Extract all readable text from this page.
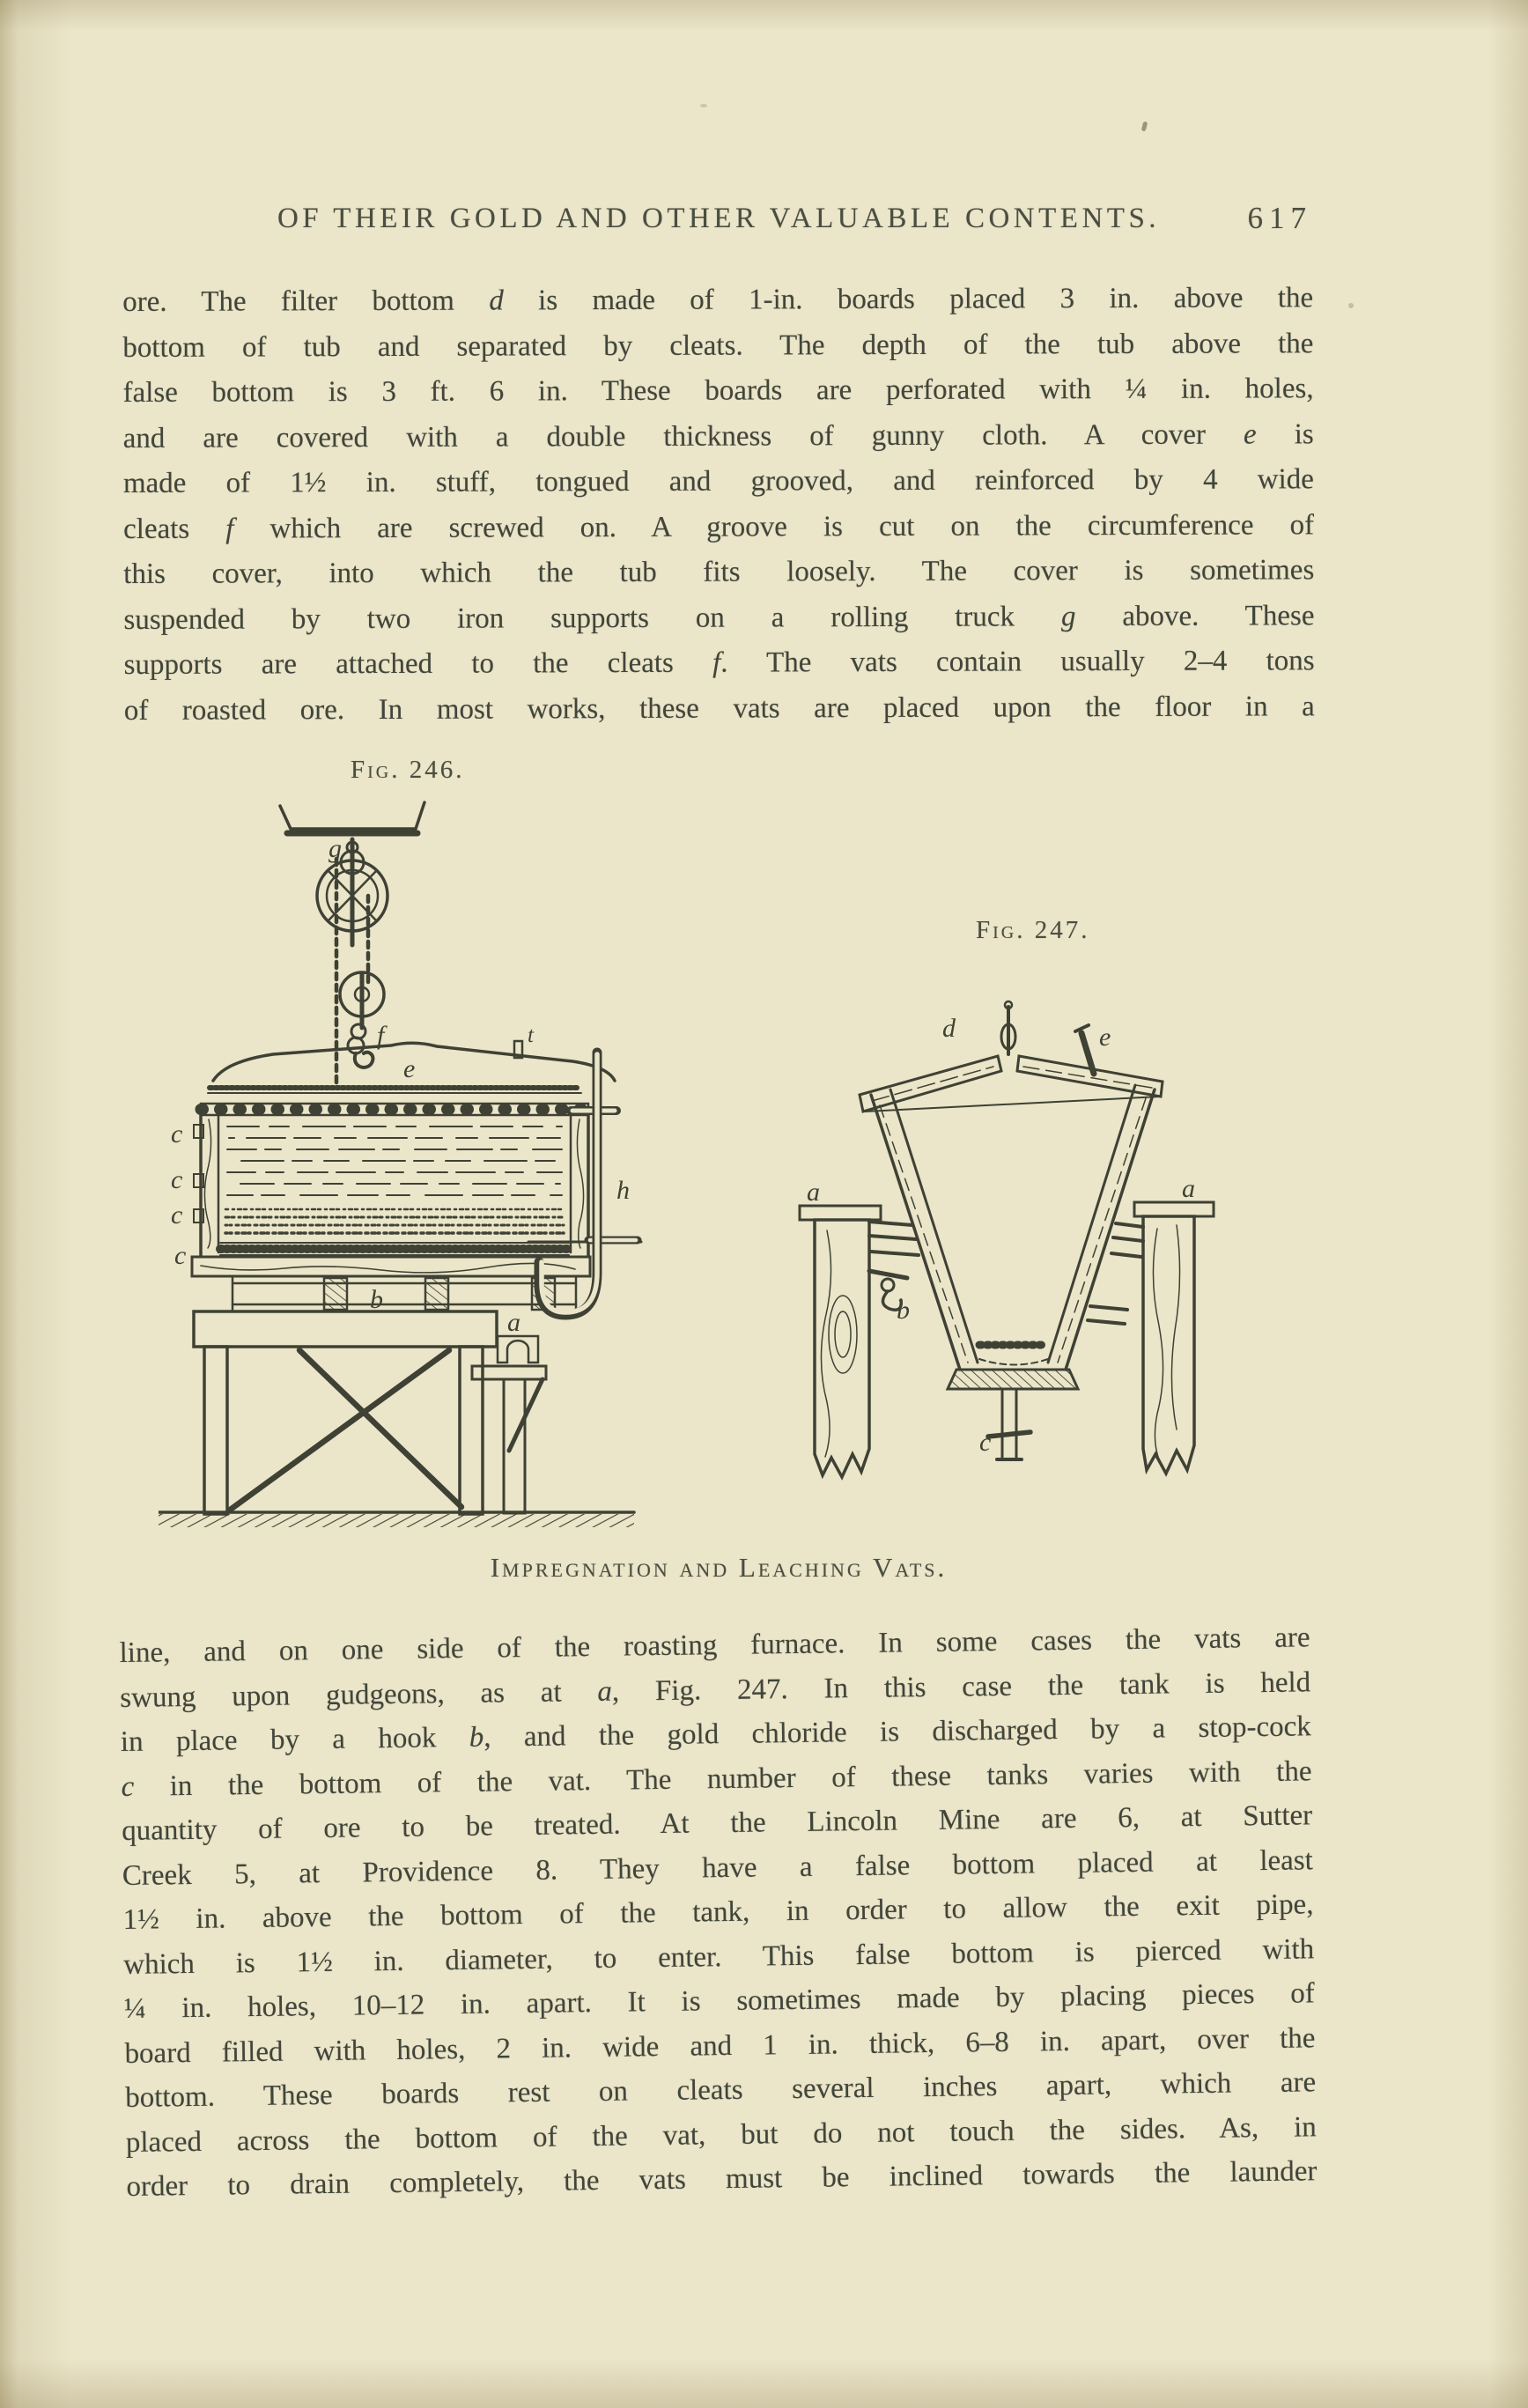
OF THEIR GOLD AND OTHER VALUABLE CONTENTS.	617
ore. The filter bottom d is made of 1-in. boards placed 3 in. above the
bottom of tub and separated by cleats. The depth of the tub above the
false bottom is 3 ft. 6 in. These boards are perforated with ¼ in. holes,
and are covered with a double thickness of gunny cloth. A cover e is
made of 1½ in. stuff, tongued and grooved, and reinforced by 4 wide
cleats f which are screwed on. A groove is cut on the circumference of
this cover, into which the tub fits loosely. The cover is sometimes
suspended by two iron supports on a rolling truck g above. These
supports are attached to the cleats f. The vats contain usually 2–4 tons
of roasted ore. In most works, these vats are placed upon the floor in a
Fig. 246.
Fig. 247.
g
f
e
t
c
c
c
c
b
h
a
d	e
a	a
b
c
Impregnation and Leaching Vats.
line, and on one side of the roasting furnace. In some cases the vats are
swung upon gudgeons, as at a, Fig. 247. In this case the tank is held
in place by a hook b, and the gold chloride is discharged by a stop-cock
c in the bottom of the vat. The number of these tanks varies with the
quantity of ore to be treated. At the Lincoln Mine are 6, at Sutter
Creek 5, at Providence 8. They have a false bottom placed at least
1½ in. above the bottom of the tank, in order to allow the exit pipe,
which is 1½ in. diameter, to enter. This false bottom is pierced with
¼ in. holes, 10–12 in. apart. It is sometimes made by placing pieces of
board filled with holes, 2 in. wide and 1 in. thick, 6–8 in. apart, over the
bottom. These boards rest on cleats several inches apart, which are
placed across the bottom of the vat, but do not touch the sides. As, in
order to drain completely, the vats must be inclined towards the launder
